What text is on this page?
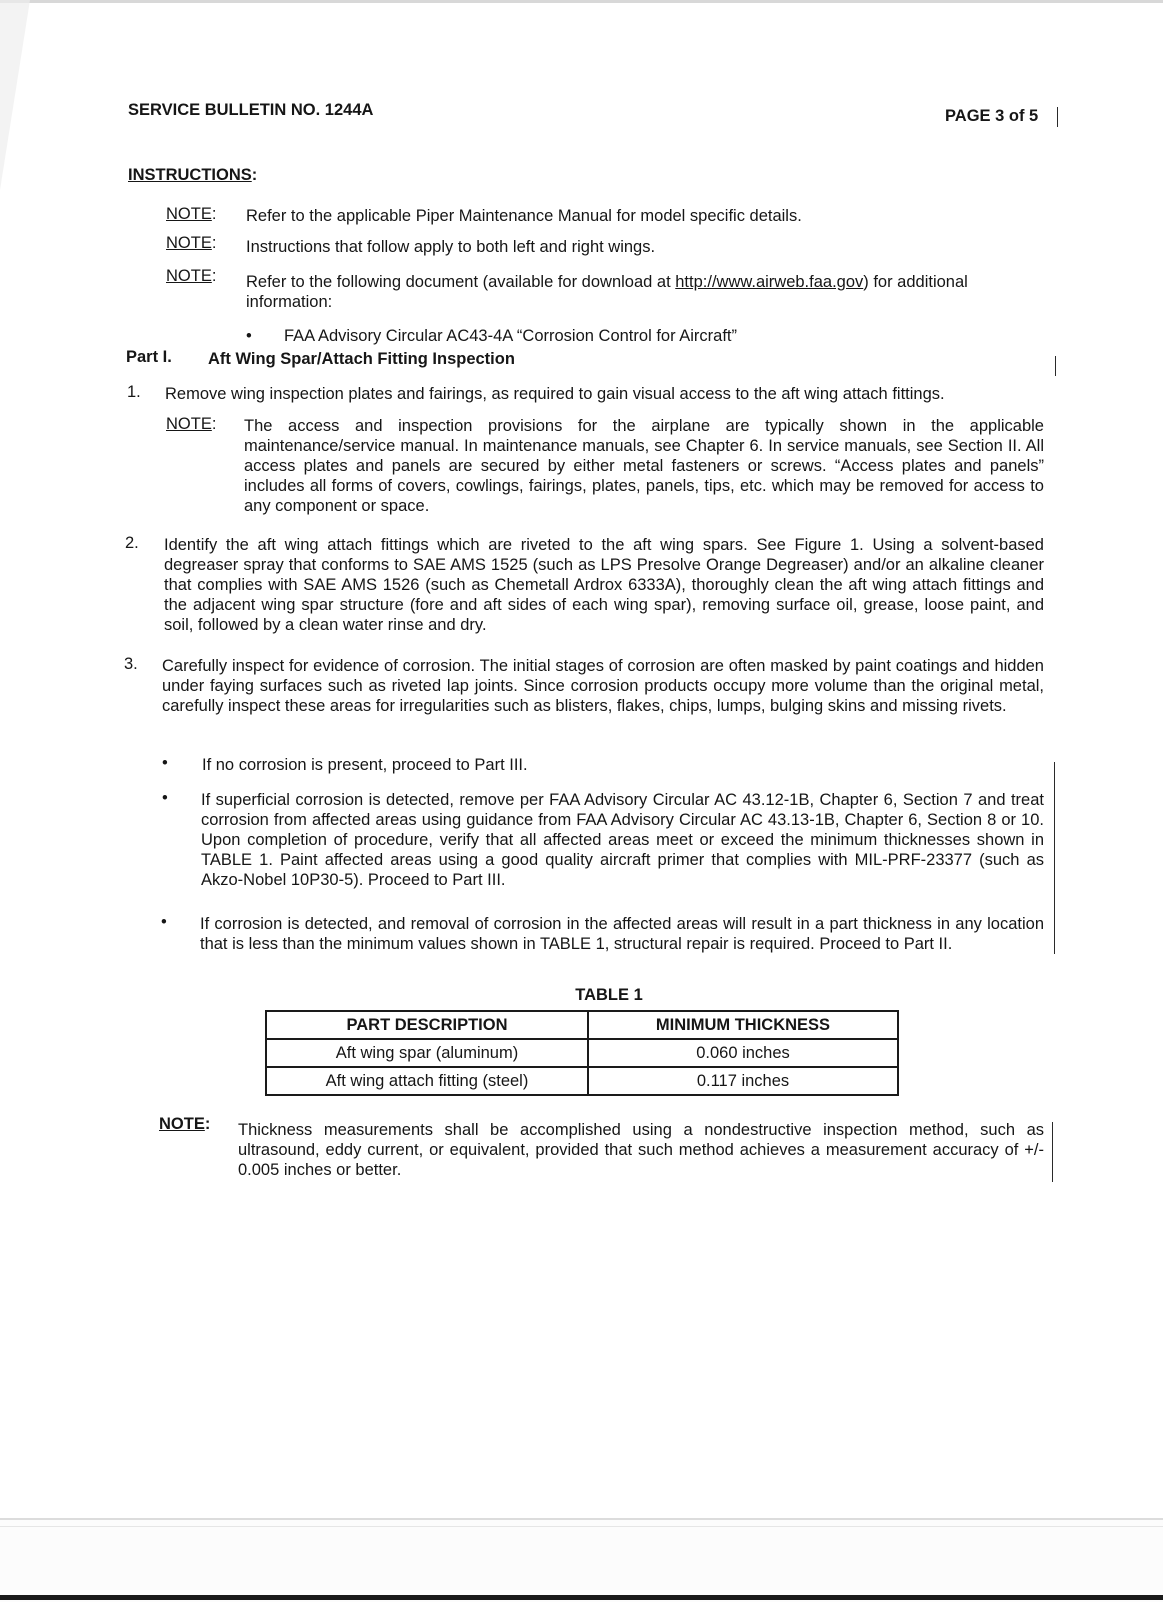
SERVICE BULLETIN NO. 1244A	PAGE 3 of 5
INSTRUCTIONS:
NOTE: Refer to the applicable Piper Maintenance Manual for model specific details.
NOTE: Instructions that follow apply to both left and right wings.
NOTE: Refer to the following document (available for download at http://www.airweb.faa.gov) for additional information:
• FAA Advisory Circular AC43-4A “Corrosion Control for Aircraft”
Part I. Aft Wing Spar/Attach Fitting Inspection
1. Remove wing inspection plates and fairings, as required to gain visual access to the aft wing attach fittings.
NOTE: The access and inspection provisions for the airplane are typically shown in the applicable maintenance/service manual. In maintenance manuals, see Chapter 6. In service manuals, see Section II. All access plates and panels are secured by either metal fasteners or screws. “Access plates and panels” includes all forms of covers, cowlings, fairings, plates, panels, tips, etc. which may be removed for access to any component or space.
2. Identify the aft wing attach fittings which are riveted to the aft wing spars. See Figure 1. Using a solvent-based degreaser spray that conforms to SAE AMS 1525 (such as LPS Presolve Orange Degreaser) and/or an alkaline cleaner that complies with SAE AMS 1526 (such as Chemetall Ardrox 6333A), thoroughly clean the aft wing attach fittings and the adjacent wing spar structure (fore and aft sides of each wing spar), removing surface oil, grease, loose paint, and soil, followed by a clean water rinse and dry.
3. Carefully inspect for evidence of corrosion. The initial stages of corrosion are often masked by paint coatings and hidden under faying surfaces such as riveted lap joints. Since corrosion products occupy more volume than the original metal, carefully inspect these areas for irregularities such as blisters, flakes, chips, lumps, bulging skins and missing rivets.
• If no corrosion is present, proceed to Part III.
• If superficial corrosion is detected, remove per FAA Advisory Circular AC 43.12-1B, Chapter 6, Section 7 and treat corrosion from affected areas using guidance from FAA Advisory Circular AC 43.13-1B, Chapter 6, Section 8 or 10. Upon completion of procedure, verify that all affected areas meet or exceed the minimum thicknesses shown in TABLE 1. Paint affected areas using a good quality aircraft primer that complies with MIL-PRF-23377 (such as Akzo-Nobel 10P30-5). Proceed to Part III.
• If corrosion is detected, and removal of corrosion in the affected areas will result in a part thickness in any location that is less than the minimum values shown in TABLE 1, structural repair is required. Proceed to Part II.
TABLE 1
PART DESCRIPTION	MINIMUM THICKNESS
Aft wing spar (aluminum)	0.060 inches
Aft wing attach fitting (steel)	0.117 inches
NOTE: Thickness measurements shall be accomplished using a nondestructive inspection method, such as ultrasound, eddy current, or equivalent, provided that such method achieves a measurement accuracy of +/- 0.005 inches or better.
